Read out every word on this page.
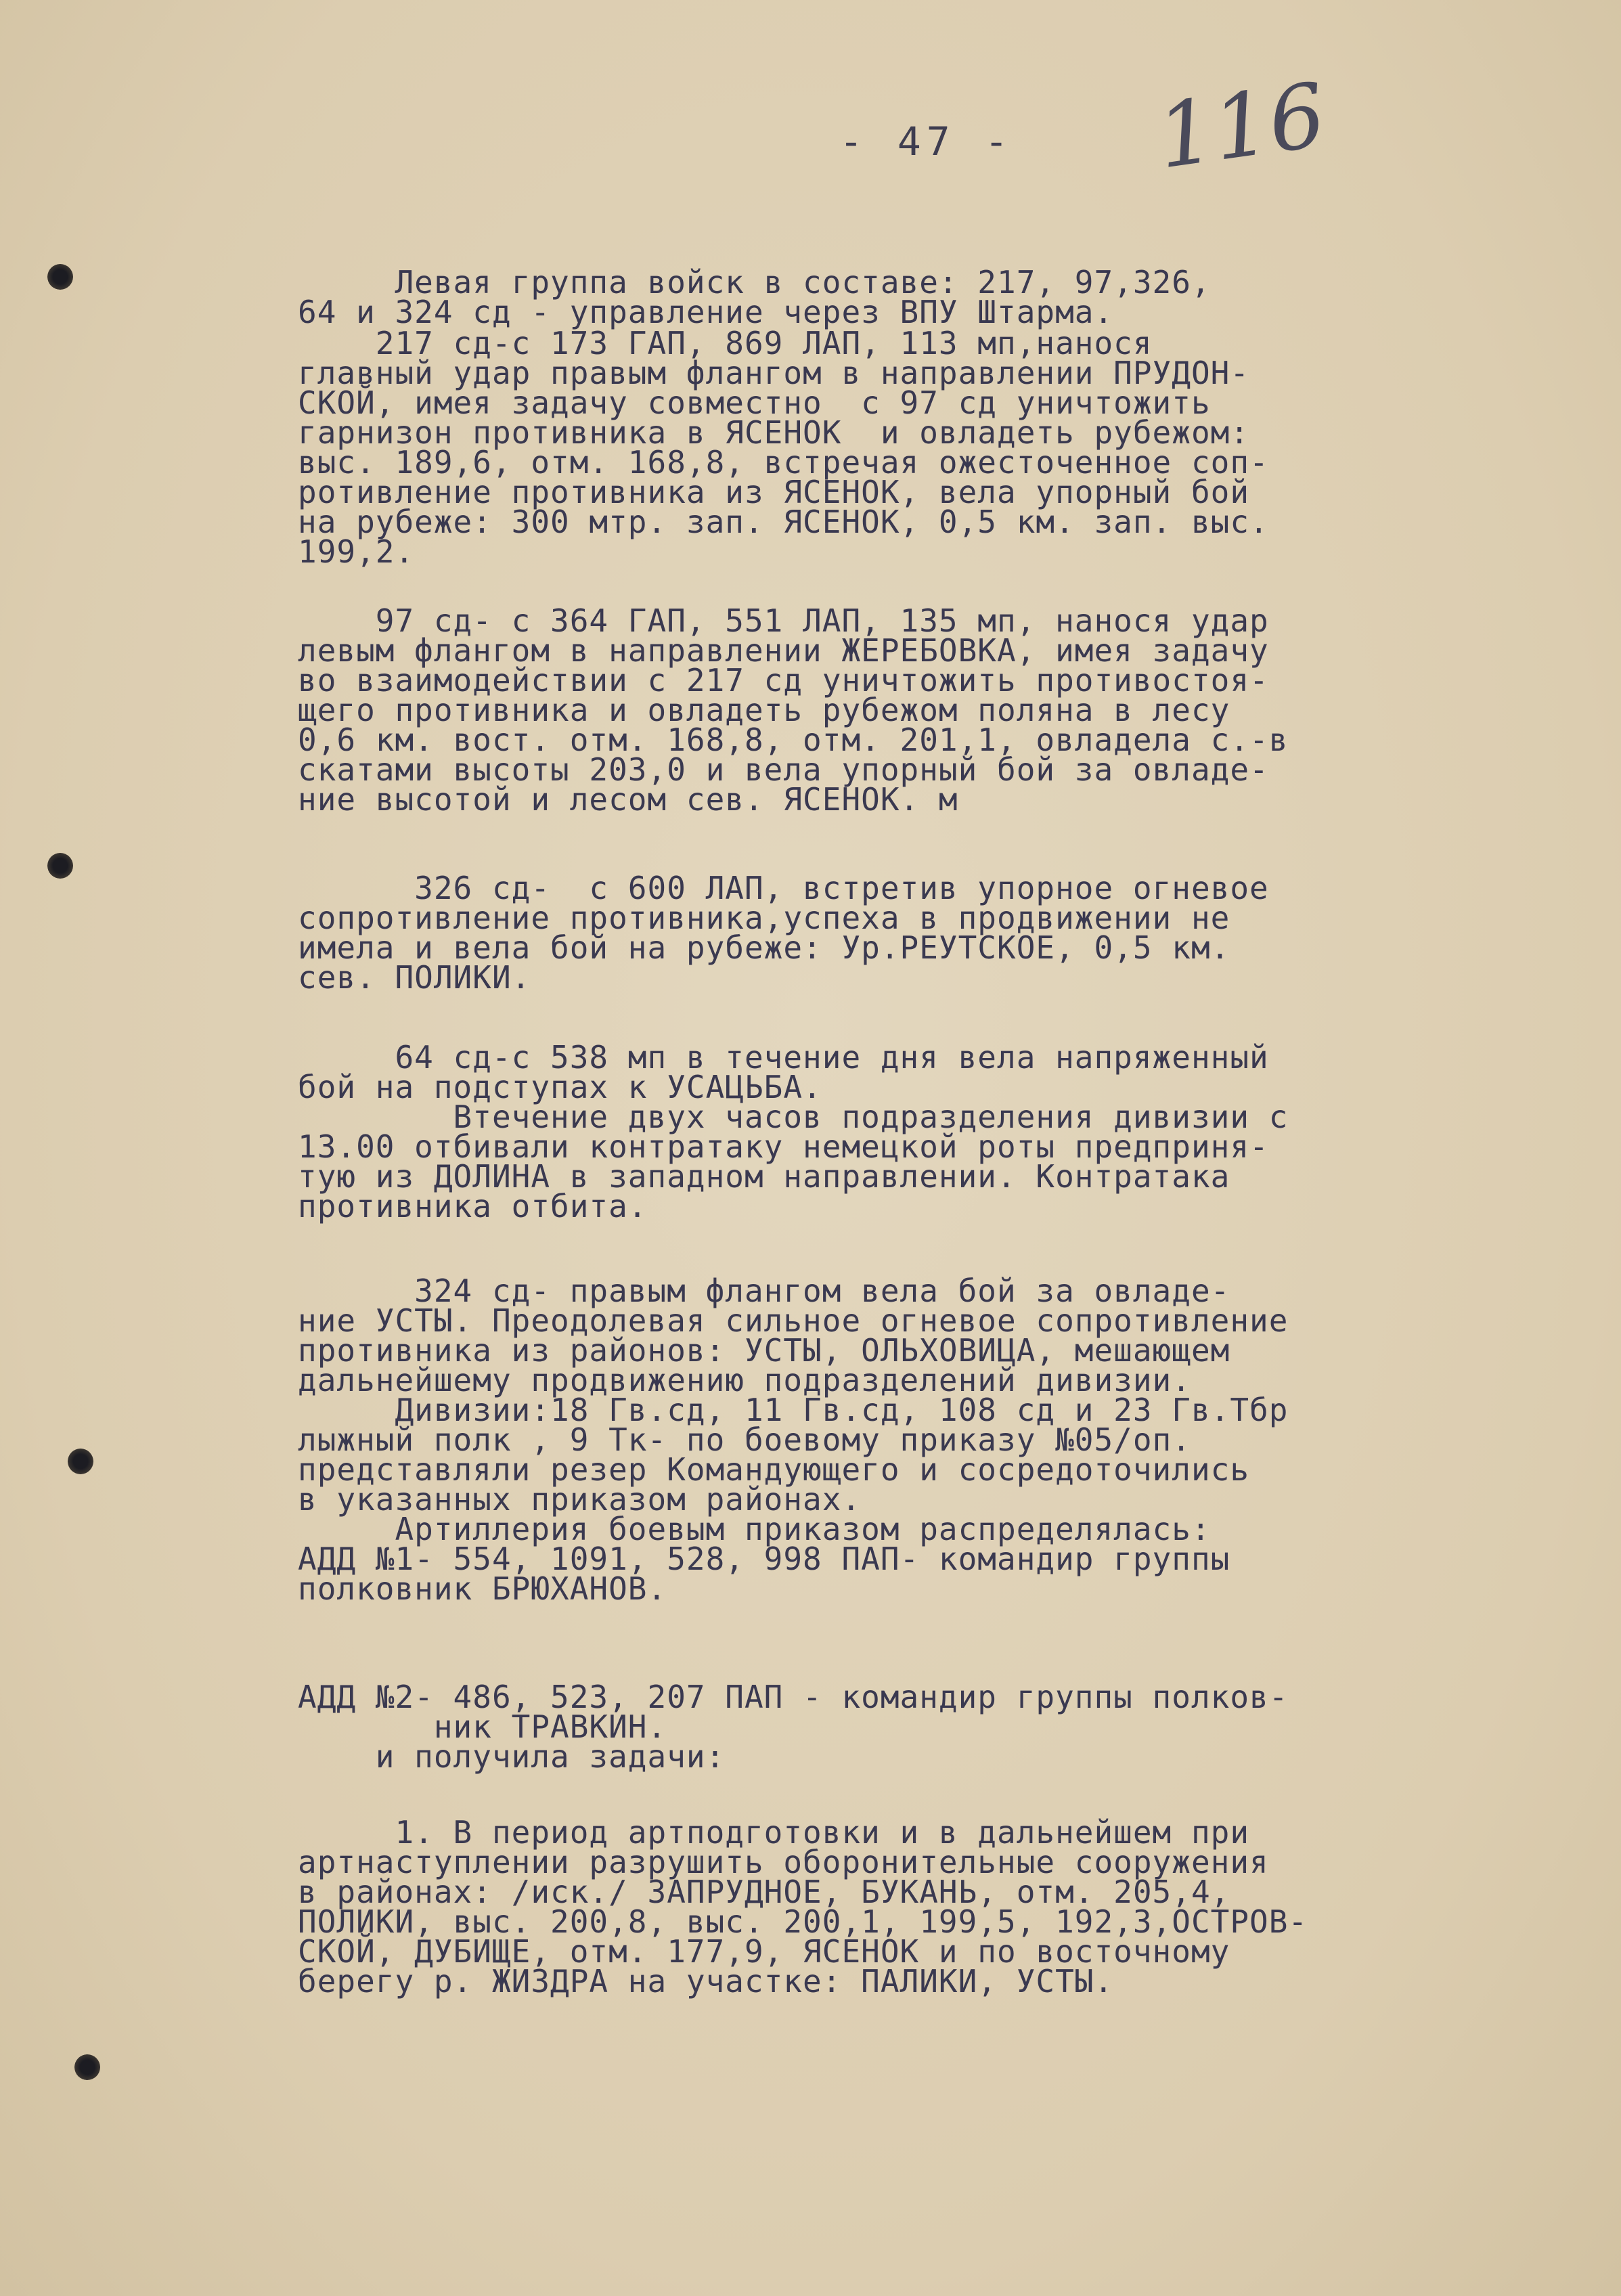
- 47 - 116
Левая группа войск в составе: 217, 97,326,
64 и 324 сд - управление через ВПУ Штарма.
217 сд-с 173 ГАП, 869 ЛАП, 113 мп,нанося
главный удар правым флангом в направлении ПРУДОН-
СКОЙ, имея задачу совместно  с 97 сд уничтожить
гарнизон противника в ЯСЕНОК  и овладеть рубежом:
выс. 189,6, отм. 168,8, встречая ожесточенное соп-
ротивление противника из ЯСЕНОК, вела упорный бой
на рубеже: 300 мтр. зап. ЯСЕНОК, 0,5 км. зап. выс.
199,2.
97 сд- с 364 ГАП, 551 ЛАП, 135 мп, нанося удар
левым флангом в направлении ЖЕРЕБОВКА, имея задачу
во взаимодействии с 217 сд уничтожить противостоя-
щего противника и овладеть рубежом поляна в лесу
0,6 км. вост. отм. 168,8, отм. 201,1, овладела с.-в
скатами высоты 203,0 и вела упорный бой за овладе-
ние высотой и лесом сев. ЯСЕНОК. м
326 сд-  с 600 ЛАП, встретив упорное огневое
сопротивление противника,успеха в продвижении не
имела и вела бой на рубеже: Ур.РЕУТСКОЕ, 0,5 км.
сев. ПОЛИКИ.
64 сд-с 538 мп в течение дня вела напряженный
бой на подступах к УСАЦЬБА.
Втечение двух часов подразделения дивизии с
13.00 отбивали контратаку немецкой роты предприня-
тую из ДОЛИНА в западном направлении. Контратака
противника отбита.
324 сд- правым флангом вела бой за овладе-
ние УСТЫ. Преодолевая сильное огневое сопротивление
противника из районов: УСТЫ, ОЛЬХОВИЦА, мешающем
дальнейшему продвижению подразделений дивизии.
Дивизии:18 Гв.сд, 11 Гв.сд, 108 сд и 23 Гв.Тбр
лыжный полк , 9 Тк- по боевому приказу №05/оп.
представляли резер Командующего и сосредоточились
в указанных приказом районах.
Артиллерия боевым приказом распределялась:
АДД №1- 554, 1091, 528, 998 ПАП- командир группы
полковник БРЮХАНОВ.
АДД №2- 486, 523, 207 ПАП - командир группы полков-
ник ТРАВКИН.
и получила задачи:
1. В период артподготовки и в дальнейшем при
артнаступлении разрушить оборонительные сооружения
в районах: /иск./ ЗАПРУДНОЕ, БУКАНЬ, отм. 205,4,
ПОЛИКИ, выс. 200,8, выс. 200,1, 199,5, 192,3,ОСТРОВ-
СКОЙ, ДУБИЩЕ, отм. 177,9, ЯСЕНОК и по восточному
берегу р. ЖИЗДРА на участке: ПАЛИКИ, УСТЫ.
